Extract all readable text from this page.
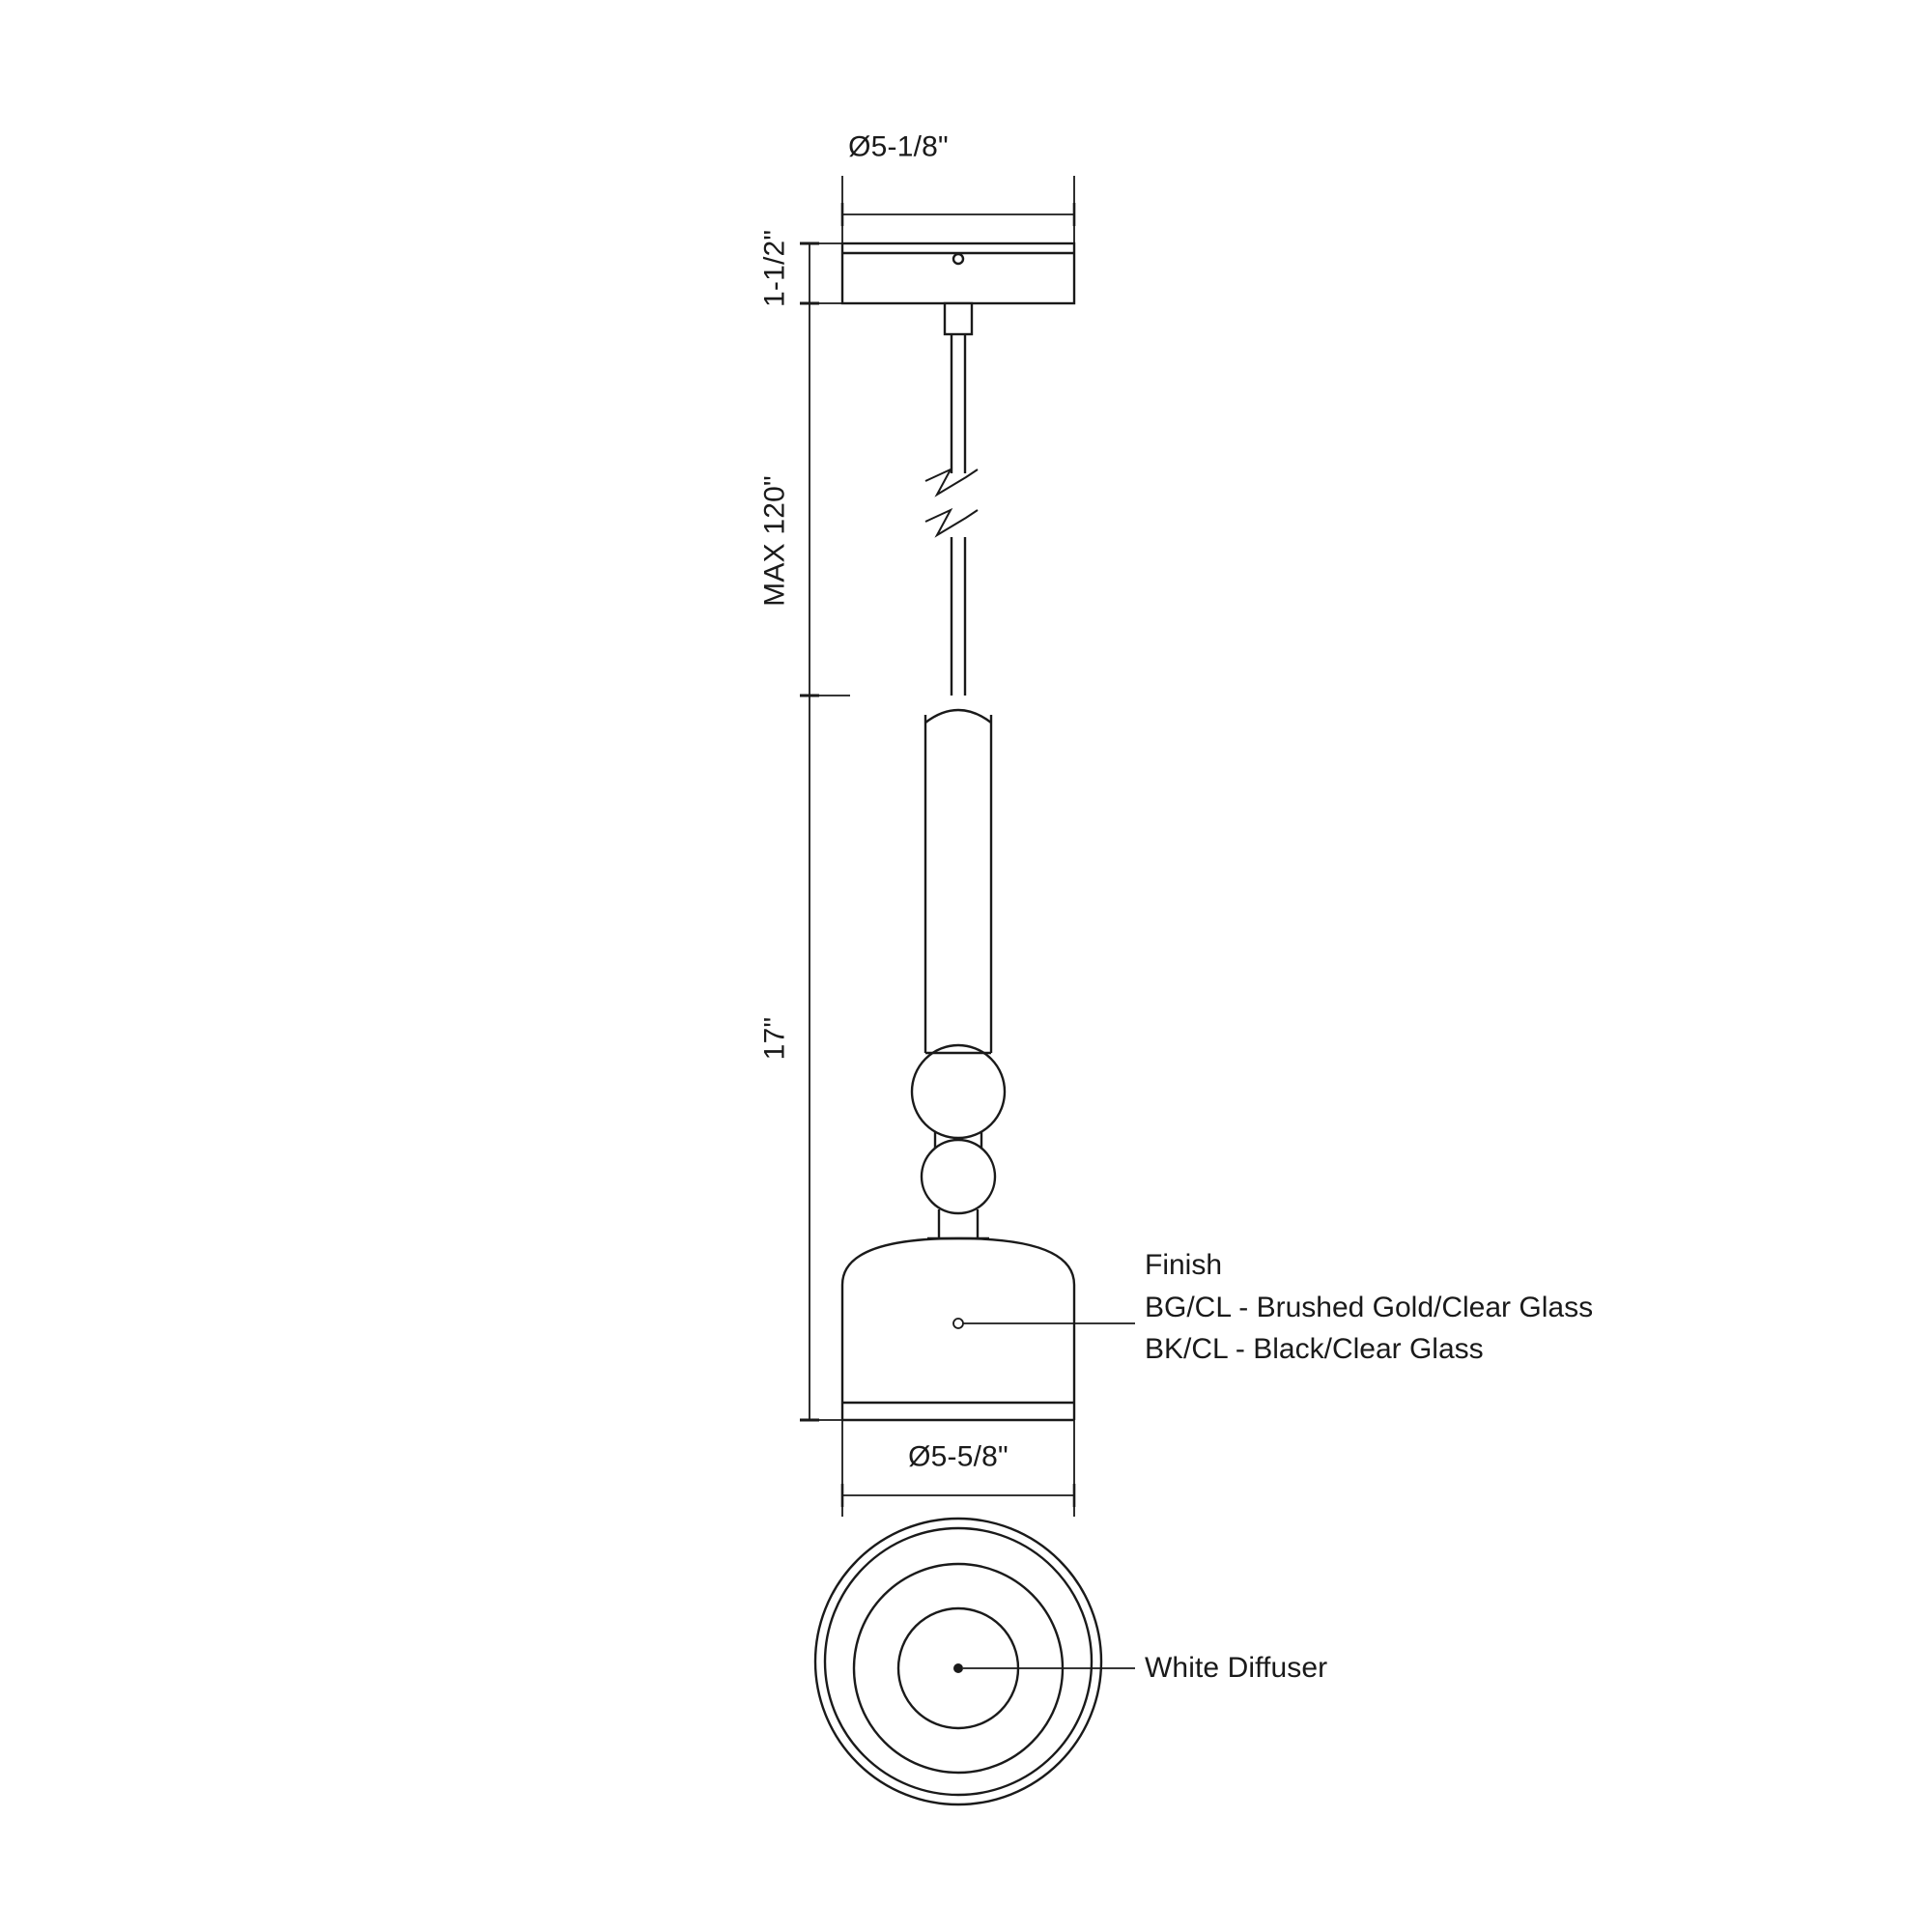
Ø5-1/8"
1-1/2"
MAX 120"
17"
Ø5-5/8"
Finish
BG/CL - Brushed Gold/Clear Glass
BK/CL - Black/Clear Glass
White Diffuser
